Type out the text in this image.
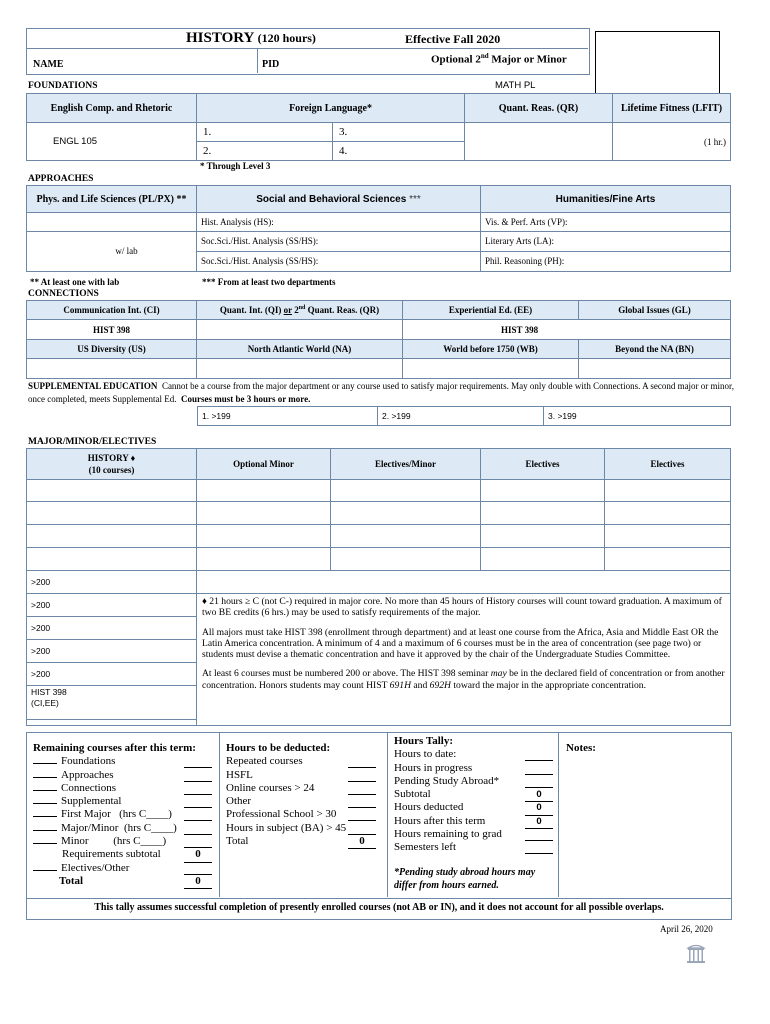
HISTORY (120 hours)	Effective Fall 2020
Optional 2nd Major or Minor
NAME	PID
FOUNDATIONS	MATH PL
English Comp. and Rhetoric	Foreign Language*		Quant. Reas. (QR)	Lifetime Fitness (LFIT)
ENGL 105	1.	3.		(1 hr.)
	2.	4.		
* Through Level 3
APPROACHES
Phys. and Life Sciences (PL/PX) **	Social and Behavioral Sciences ***	Humanities/Fine Arts
	Hist. Analysis (HS):	Vis. & Perf. Arts (VP):
w/ lab	Soc.Sci./Hist. Analysis (SS/HS):	Literary Arts (LA):
	Soc.Sci./Hist. Analysis (SS/HS):	Phil. Reasoning (PH):
** At least one with lab	*** From at least two departments
CONNECTIONS
Communication Int. (CI)	Quant. Int. (QI) or 2nd Quant. Reas. (QR)	Experiential Ed. (EE)	Global Issues (GL)
HIST 398		HIST 398	
US Diversity (US)	North Atlantic World (NA)	World before 1750 (WB)	Beyond the NA (BN)

SUPPLEMENTAL EDUCATION Cannot be a course from the major department or any course used to satisfy major requirements. May only double with Connections. A second major or minor, once completed, meets Supplemental Ed. Courses must be 3 hours or more.
1. >199	2. >199	3. >199
MAJOR/MINOR/ELECTIVES
HISTORY ♦
(10 courses)	Optional Minor	Electives/Minor	Electives	Electives

>200				
>200	♦ 21 hours ≥ C (not C-) required in major core. No more than 45 hours of History courses will count toward graduation. A maximum of two BE credits (6 hrs.) may be used to satisfy requirements of the major.
All majors must take HIST 398 (enrollment through department) and at least one course from the Africa, Asia and Middle East OR the Latin America concentration. A minimum of 4 and a maximum of 6 courses must be in the area of concentration (see page two) or students must devise a thematic concentration and have it approved by the chair of the Undergraduate Studies Committee.
At least 6 courses must be numbered 200 or above. The HIST 398 seminar may be in the declared field of concentration or from another concentration. Honors students may count HIST 691H and 692H toward the major in the appropriate concentration.			

>200				
>200				
>200				

HIST 398
(CI,EE)				

Remaining courses after this term:
Foundations
Approaches
Connections
Supplemental
First Major (hrs C____)
Major/Minor (hrs C____)
Minor (hrs C____)
Requirements subtotal	0
Electives/Other
Total	0
Hours to be deducted:
Repeated courses
HSFL
Online courses > 24
Other
Professional School > 30
Hours in subject (BA) > 45
Total	0
Hours Tally:
Hours to date:
Hours in progress
Pending Study Abroad*
Subtotal	0
Hours deducted	0
Hours after this term	0
Hours remaining to grad
Semesters left
*Pending study abroad hours may differ from hours earned.
Notes:
This tally assumes successful completion of presently enrolled courses (not AB or IN), and it does not account for all possible overlaps.
April 26, 2020
